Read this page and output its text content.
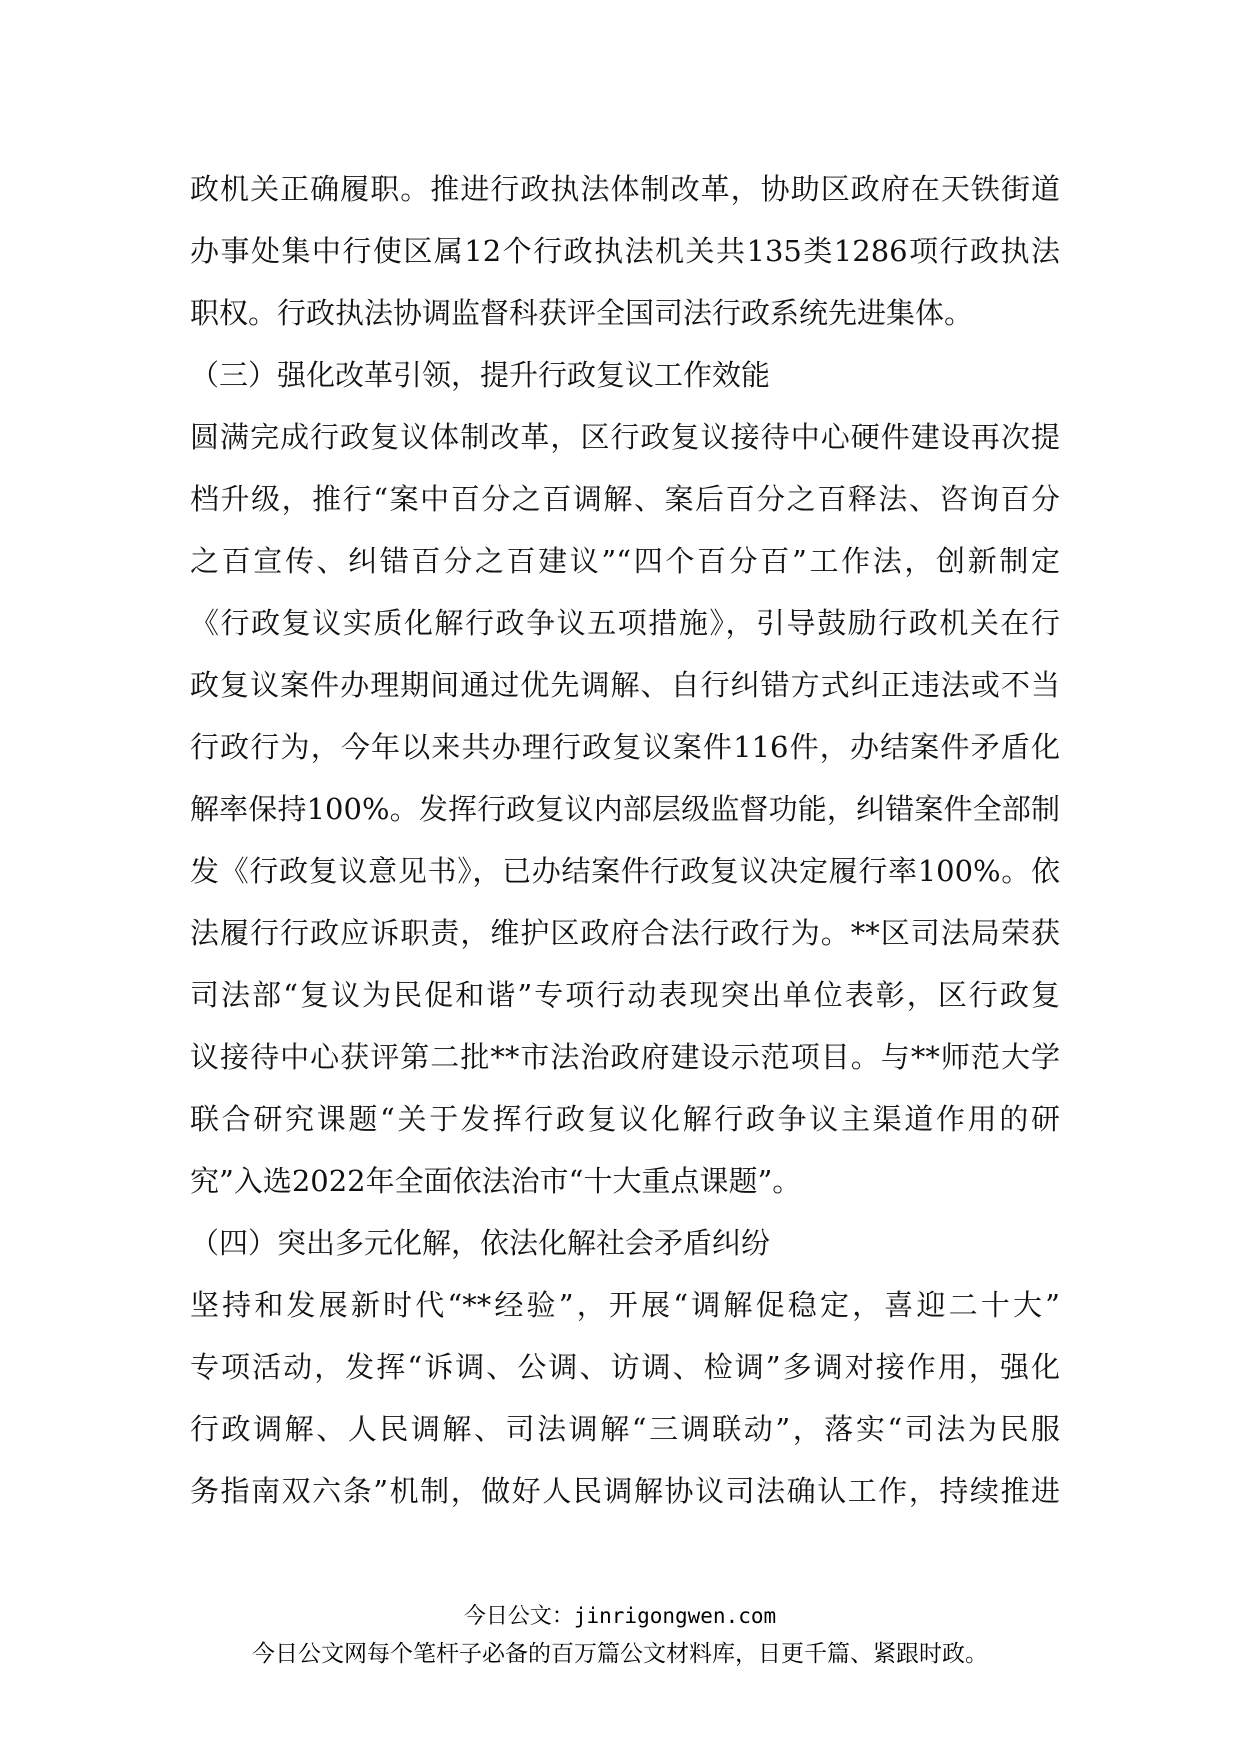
政机关正确履职。推进行政执法体制改革，协助区政府在天铁街道
办事处集中行使区属12个行政执法机关共135类1286项行政执法
职权。行政执法协调监督科获评全国司法行政系统先进集体。
（三）强化改革引领，提升行政复议工作效能
圆满完成行政复议体制改革，区行政复议接待中心硬件建设再次提
档升级，推行“案中百分之百调解、案后百分之百释法、咨询百分
之百宣传、纠错百分之百建议”“四个百分百”工作法，创新制定
《行政复议实质化解行政争议五项措施》，引导鼓励行政机关在行
政复议案件办理期间通过优先调解、自行纠错方式纠正违法或不当
行政行为，今年以来共办理行政复议案件116件，办结案件矛盾化
解率保持100%。发挥行政复议内部层级监督功能，纠错案件全部制
发《行政复议意见书》，已办结案件行政复议决定履行率100%。依
法履行行政应诉职责，维护区政府合法行政行为。**区司法局荣获
司法部“复议为民促和谐”专项行动表现突出单位表彰，区行政复
议接待中心获评第二批**市法治政府建设示范项目。与**师范大学
联合研究课题“关于发挥行政复议化解行政争议主渠道作用的研
究”入选2022年全面依法治市“十大重点课题”。
（四）突出多元化解，依法化解社会矛盾纠纷
坚持和发展新时代“**经验”，开展“调解促稳定，喜迎二十大”
专项活动，发挥“诉调、公调、访调、检调”多调对接作用，强化
行政调解、人民调解、司法调解“三调联动”，落实“司法为民服
务指南双六条”机制，做好人民调解协议司法确认工作，持续推进
今日公文：jinrigongwen.com
今日公文网每个笔杆子必备的百万篇公文材料库，日更千篇、紧跟时政。
